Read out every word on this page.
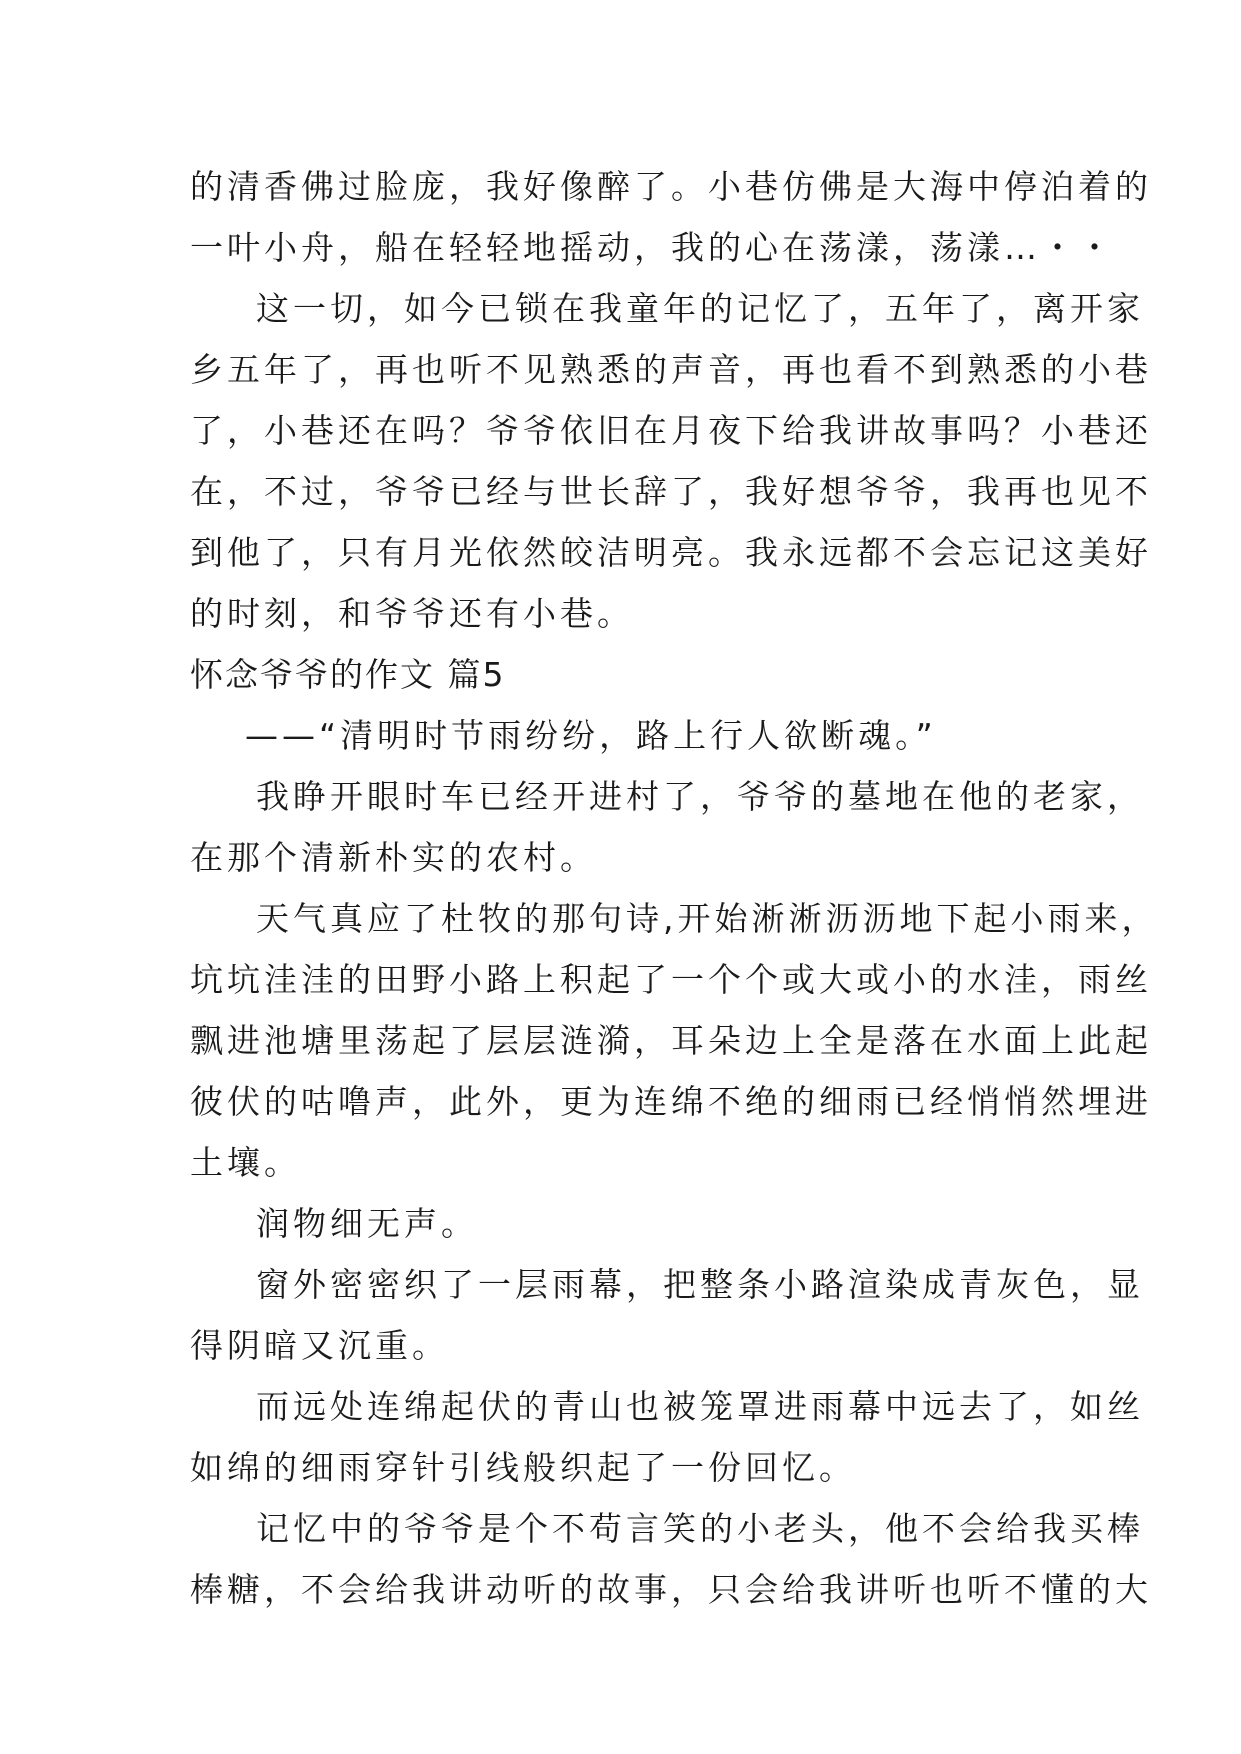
的清香佛过脸庞，我好像醉了。小巷仿佛是大海中停泊着的
一叶小舟，船在轻轻地摇动，我的心在荡漾，荡漾…・・
这一切，如今已锁在我童年的记忆了，五年了，离开家
乡五年了，再也听不见熟悉的声音，再也看不到熟悉的小巷
了，小巷还在吗？爷爷依旧在月夜下给我讲故事吗？小巷还
在，不过，爷爷已经与世长辞了，我好想爷爷，我再也见不
到他了，只有月光依然皎洁明亮。我永远都不会忘记这美好
的时刻，和爷爷还有小巷。
怀念爷爷的作文 篇5
——“清明时节雨纷纷，路上行人欲断魂。”
我睁开眼时车已经开进村了，爷爷的墓地在他的老家，
在那个清新朴实的农村。
天气真应了杜牧的那句诗,开始淅淅沥沥地下起小雨来，
坑坑洼洼的田野小路上积起了一个个或大或小的水洼，雨丝
飘进池塘里荡起了层层涟漪，耳朵边上全是落在水面上此起
彼伏的咕噜声，此外，更为连绵不绝的细雨已经悄悄然埋进
土壤。
润物细无声。
窗外密密织了一层雨幕，把整条小路渲染成青灰色，显
得阴暗又沉重。
而远处连绵起伏的青山也被笼罩进雨幕中远去了，如丝
如绵的细雨穿针引线般织起了一份回忆。
记忆中的爷爷是个不苟言笑的小老头，他不会给我买棒
棒糖，不会给我讲动听的故事，只会给我讲听也听不懂的大
